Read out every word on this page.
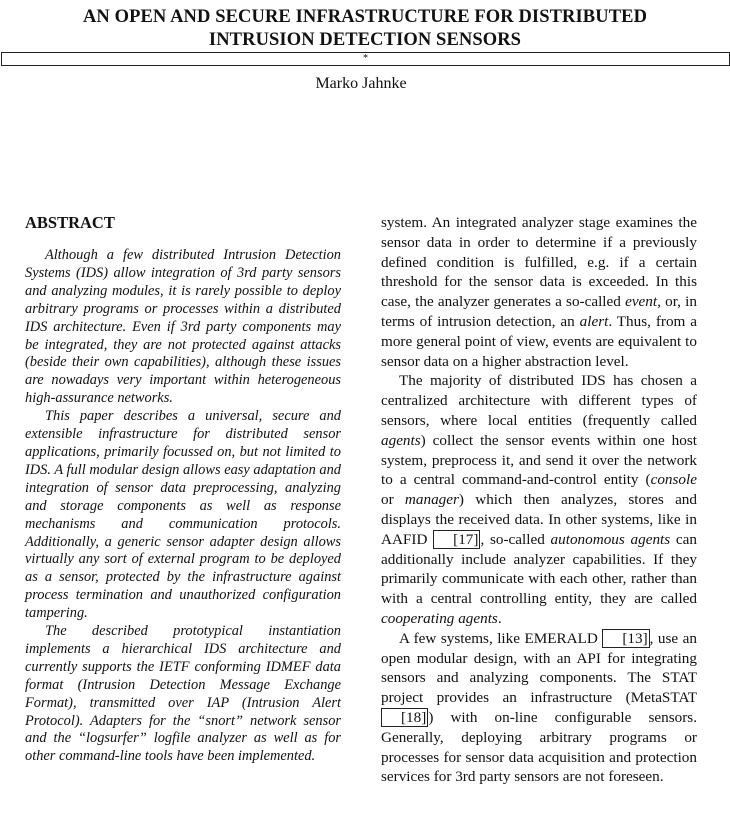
AN OPEN AND SECURE INFRASTRUCTURE FOR DISTRIBUTED
INTRUSION DETECTION SENSORS
*
Marko Jahnke
ABSTRACT

Although a few distributed Intrusion Detection Systems (IDS) allow integration of 3rd party sensors and analyzing modules, it is rarely possible to deploy arbitrary programs or processes within a distributed IDS architecture. Even if 3rd party components may be integrated, they are not protected against attacks (beside their own capabilities), although these issues are nowadays very important within heterogeneous high-assurance networks.

This paper describes a universal, secure and extensible infrastructure for distributed sensor applications, primarily focussed on, but not limited to IDS. A full modular design allows easy adaptation and integration of sensor data preprocessing, analyzing and storage components as well as response mechanisms and communication protocols. Additionally, a generic sensor adapter design allows virtually any sort of external program to be deployed as a sensor, protected by the infrastructure against process termination and unauthorized configuration tampering.

The described prototypical instantiation implements a hierarchical IDS architecture and currently supports the IETF conforming IDMEF data format (Intrusion Detection Message Exchange Format), transmitted over IAP (Intrusion Alert Protocol). Adapters for the “snort” network sensor and the “logsurfer” logfile analyzer as well as for other command-line tools have been implemented.

system. An integrated analyzer stage examines the sensor data in order to determine if a previously defined condition is fulfilled, e.g. if a certain threshold for the sensor data is exceeded. In this case, the analyzer generates a so-called event, or, in terms of intrusion detection, an alert. Thus, from a more general point of view, events are equivalent to sensor data on a higher abstraction level.

The majority of distributed IDS has chosen a centralized architecture with different types of sensors, where local entities (frequently called agents) collect the sensor events within one host system, preprocess it, and send it over the network to a central command-and-control entity (console or manager) which then analyzes, stores and displays the received data. In other systems, like in AAFID [17] , so-called autonomous agents can additionally include analyzer capabilities. If they primarily communicate with each other, rather than with a central controlling entity, they are called cooperating agents.

A few systems, like EMERALD [13] , use an open modular design, with an API for integrating sensors and analyzing components. The STAT project provides an infrastructure (MetaSTAT [18] ) with on-line configurable sensors. Generally, deploying arbitrary programs or processes for sensor data acquisition and protection services for 3rd party sensors are not foreseen.
